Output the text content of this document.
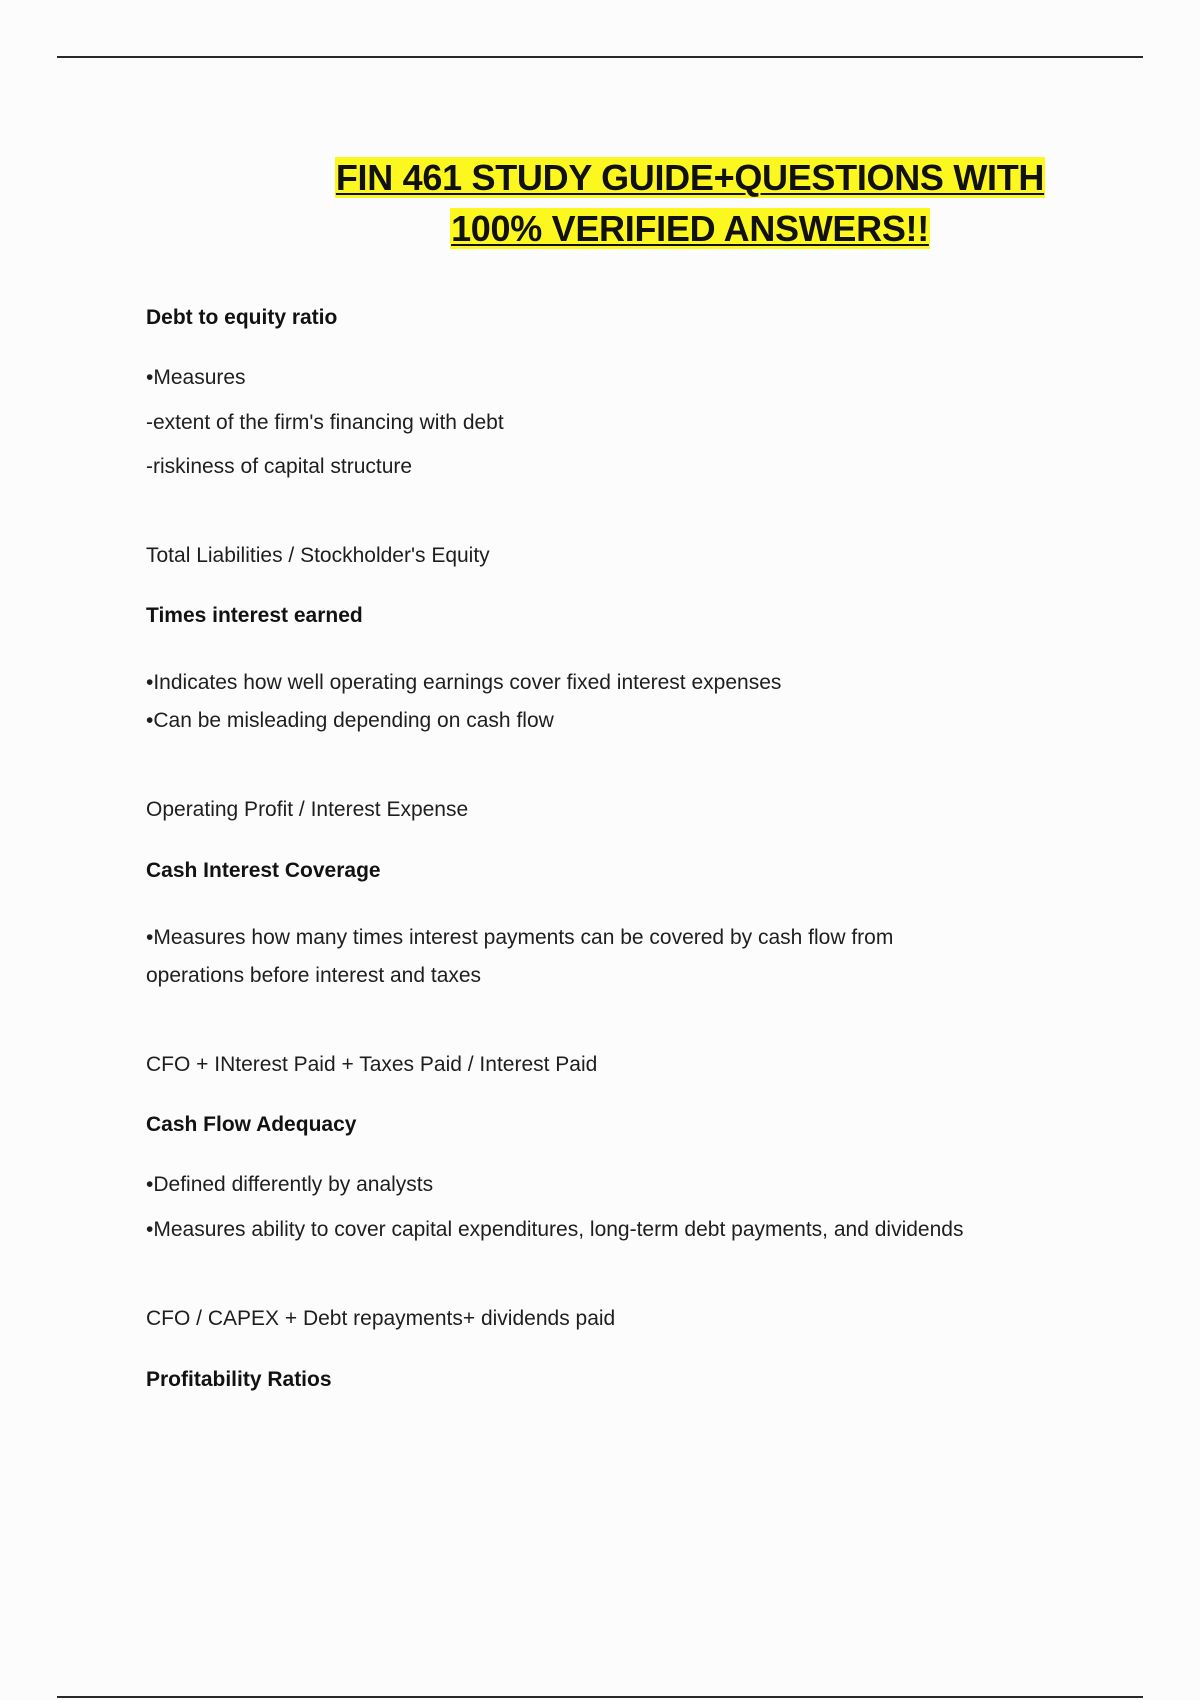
FIN 461 STUDY GUIDE+QUESTIONS WITH
100% VERIFIED ANSWERS!!

Debt to equity ratio

•Measures

-extent of the firm's financing with debt

-riskiness of capital structure

Total Liabilities / Stockholder's Equity

Times interest earned

•Indicates how well operating earnings cover fixed interest expenses

•Can be misleading depending on cash flow

Operating Profit / Interest Expense

Cash Interest Coverage

•Measures how many times interest payments can be covered by cash flow from

operations before interest and taxes

CFO + INterest Paid + Taxes Paid / Interest Paid

Cash Flow Adequacy

•Defined differently by analysts

•Measures ability to cover capital expenditures, long-term debt payments, and dividends

CFO / CAPEX + Debt repayments+ dividends paid

Profitability Ratios
